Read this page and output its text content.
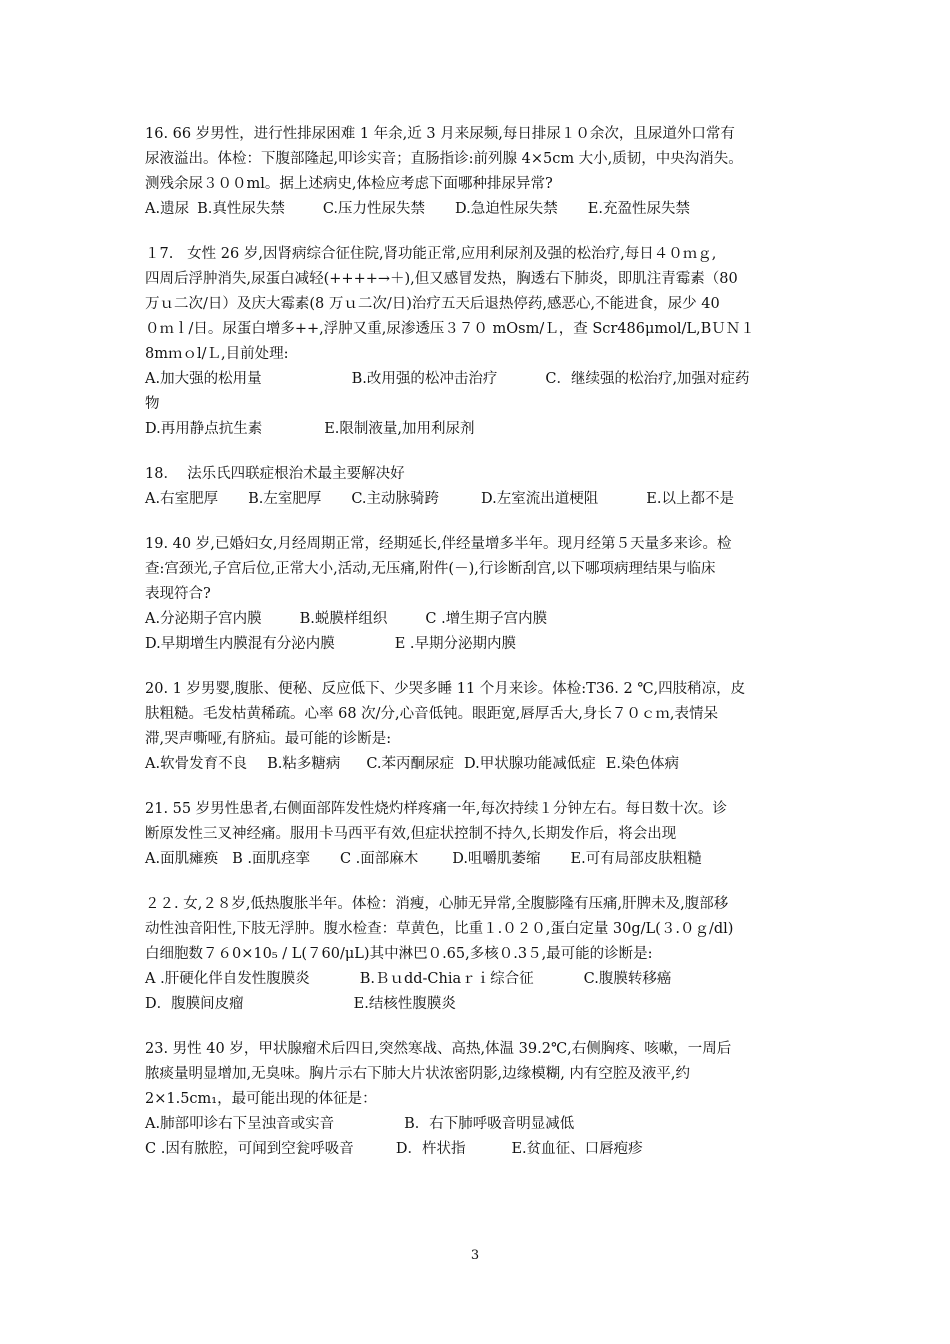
16. 66 岁男性，进行性排尿困难 1 年余,近 3 月来尿频,每日排尿１０余次，且尿道外口常有
尿液溢出。体检：下腹部隆起,叩诊实音；直肠指诊:前列腺 4×5cm 大小,质韧，中央沟消失。
测残余尿３００ml。据上述病史,体检应考虑下面哪种排尿异常?
A.遗尿 B.真性尿失禁	C.压力性尿失禁 D.急迫性尿失禁 E.充盈性尿失禁
１7.   女性 26 岁,因肾病综合征住院,肾功能正常,应用利尿剂及强的松治疗,每日４０ｍｇ,
四周后浮肿消失,尿蛋白减轻(++++→＋),但又感冒发热，胸透右下肺炎，即肌注青霉素（80
万ｕ二次/日）及庆大霉素(8 万ｕ二次/日)治疗五天后退热停药,感恶心,不能进食，尿少 40
０ｍｌ/日。尿蛋白增多++,浮肿又重,尿渗透压３７０ mOsm/Ｌ，查 Scr486μmol/L,BＵＮ１
8mｍｏl/Ｌ,目前处理:
A.加大强的松用量	B.改用强的松冲击治疗	C．继续强的松治疗,加强对症药
物
D.再用静点抗生素	E.限制液量,加用利尿剂
18．  法乐氏四联症根治术最主要解决好
A.右室肥厚 B.左室肥厚 C.主动脉骑跨	D.左室流出道梗阻	E.以上都不是
19. 40 岁,已婚妇女,月经周期正常，经期延长,伴经量增多半年。现月经第５天量多来诊。检
查:宫颈光,子宫后位,正常大小,活动,无压痛,附件(－),行诊断刮宫,以下哪项病理结果与临床
表现符合?
A.分泌期子宫内膜	B.蜕膜样组织	C .增生期子宫内膜
D.早期增生内膜混有分泌内膜	E .早期分泌期内膜
20. 1 岁男婴,腹胀、便秘、反应低下、少哭多睡 11 个月来诊。体检:T36. 2 ℃,四肢稍凉，皮
肤粗糙。毛发枯黄稀疏。心率 68 次/分,心音低钝。眼距宽,唇厚舌大,身长７０ｃｍ,表情呆
滞,哭声嘶哑,有脐疝。最可能的诊断是:
A.软骨发育不良 B.粘多糖病 C.苯丙酮尿症 D.甲状腺功能减低症 E.染色体病
21. 55 岁男性患者,右侧面部阵发性烧灼样疼痛一年,每次持续１分钟左右。每日数十次。诊
断原发性三叉神经痛。服用卡马西平有效,但症状控制不持久,长期发作后，将会出现
A.面肌瘫痪 B .面肌痉挛 C .面部麻木 D.咀嚼肌萎缩 E.可有局部皮肤粗糙
２２. 女,２８岁,低热腹胀半年。体检：消瘦，心肺无异常,全腹膨隆有压痛,肝脾未及,腹部移
动性浊音阳性,下肢无浮肿。腹水检查：草黄色，比重１.０２０,蛋白定量 30g/L(３.０ｇ/dl)
白细胞数７６0×10₅ / L(７60/μL)其中淋巴０.65,多核０.3５,最可能的诊断是:
A .肝硬化伴自发性腹膜炎	B.Ｂｕdd-Chiaｒｉ综合征	C.腹膜转移癌
D．腹膜间皮瘤	E.结核性腹膜炎
23. 男性 40 岁，甲状腺瘤术后四日,突然寒战、高热,体温 39.2℃,右侧胸疼、咳嗽，一周后
脓痰量明显增加,无臭味。胸片示右下肺大片状浓密阴影,边缘模糊, 内有空腔及液平,约
2×1.5cm₁，最可能出现的体征是：
A.肺部叩诊右下呈浊音或实音	B．右下肺呼吸音明显减低
C .因有脓腔，可闻到空瓮呼吸音	D．杵状指	E.贫血征、口唇疱疹
3
